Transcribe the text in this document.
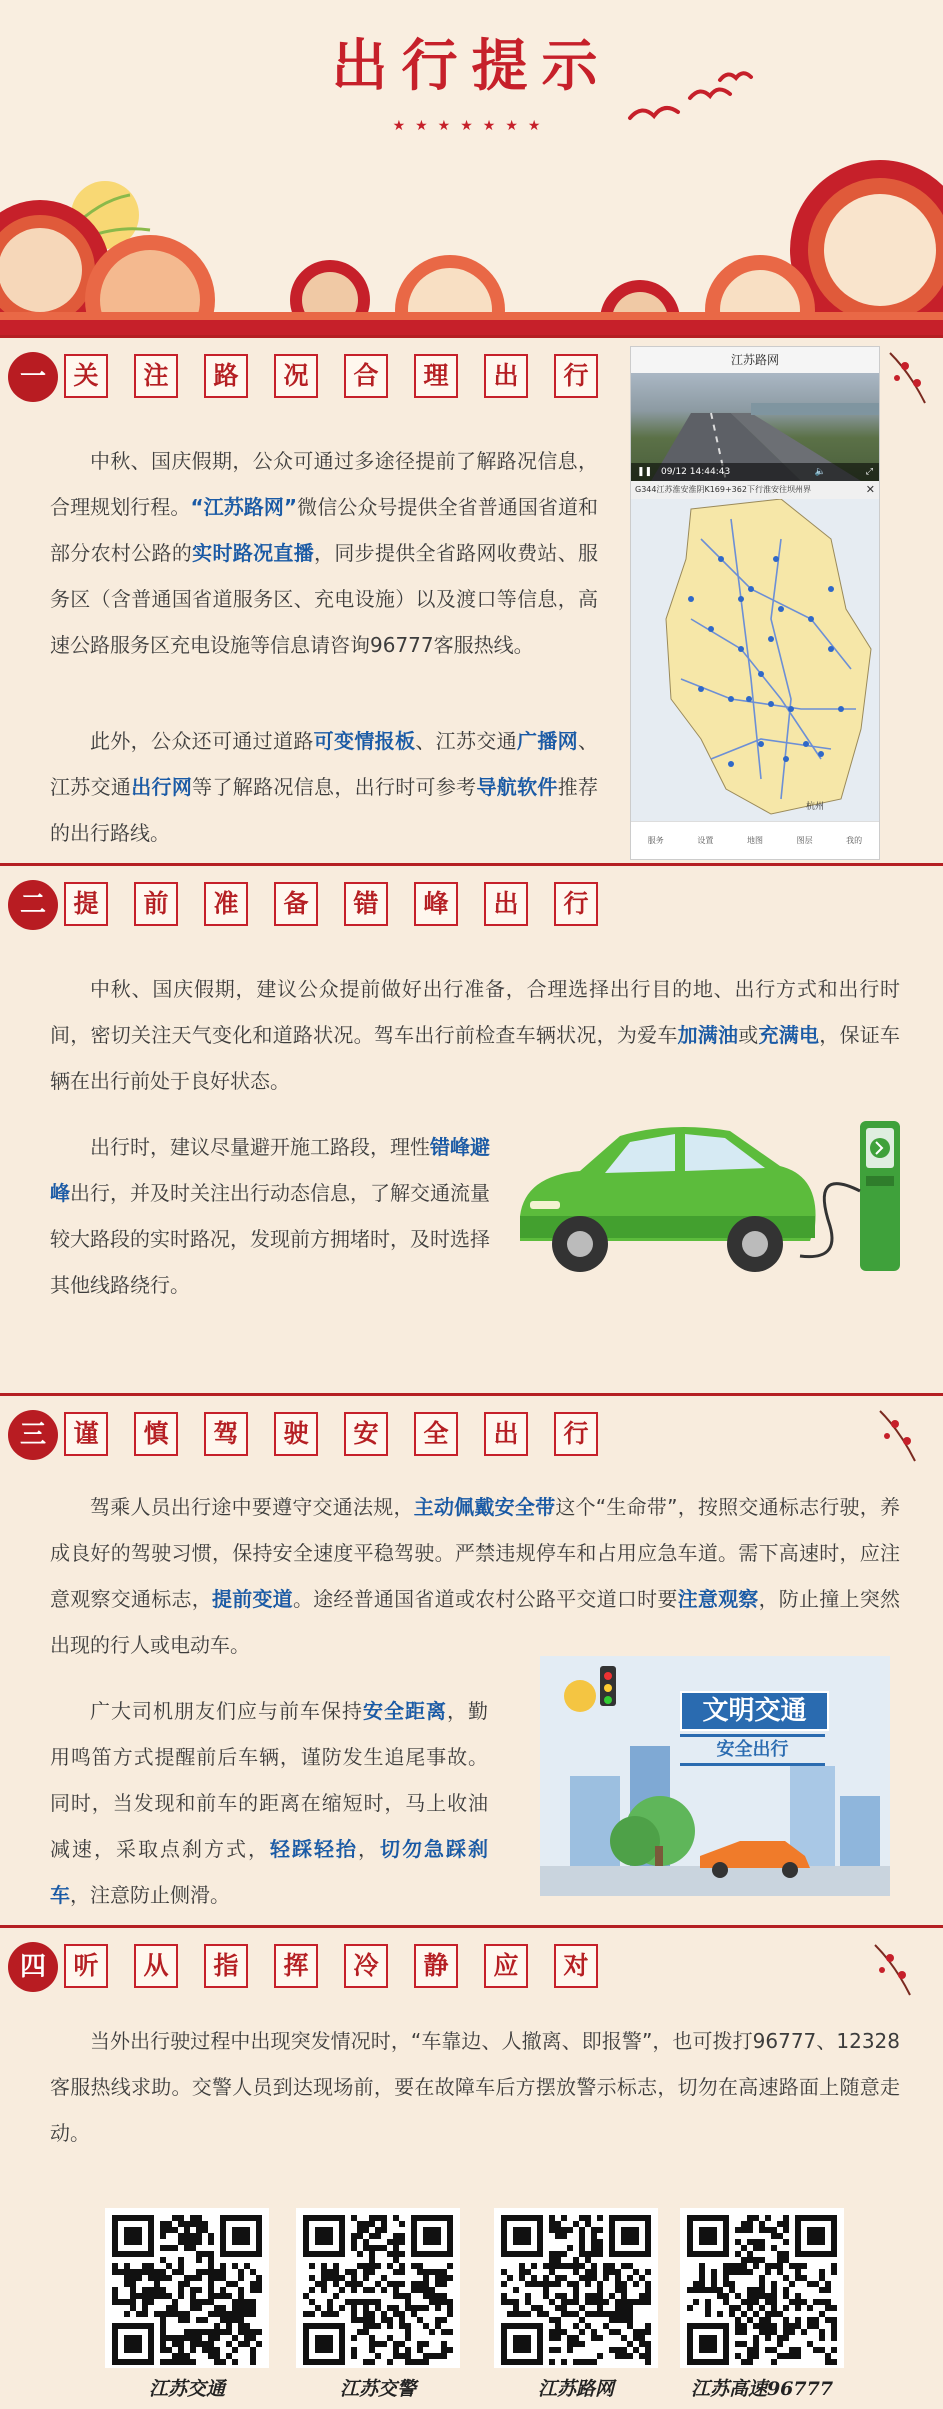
出行提示
★★★★★★★
一	关 注 路 况 合 理 出 行
中秋、国庆假期，公众可通过多途径提前了解路况信息，合理规划行程。“江苏路网”微信公众号提供全省普通国省道和部分农村公路的实时路况直播，同步提供全省路网收费站、服务区（含普通国省道服务区、充电设施）以及渡口等信息，高速公路服务区充电设施等信息请咨询96777客服热线。
此外，公众还可通过道路可变情报板、江苏交通广播网、江苏交通出行网等了解路况信息，出行时可参考导航软件推荐的出行路线。
江苏路网
❚❚ 09/12 14:44:43	⤢
🔈
G344江苏淮安淮阴K169+362下行淮安往坝州界	✕
杭州
服务	设置	地图	图层	我的
二	提 前 准 备 错 峰 出 行
中秋、国庆假期，建议公众提前做好出行准备，合理选择出行目的地、出行方式和出行时间，密切关注天气变化和道路状况。驾车出行前检查车辆状况，为爱车加满油或充满电，保证车辆在出行前处于良好状态。
出行时，建议尽量避开施工路段，理性错峰避峰出行，并及时关注出行动态信息，了解交通流量较大路段的实时路况，发现前方拥堵时，及时选择其他线路绕行。
三	谨 慎 驾 驶 安 全 出 行
驾乘人员出行途中要遵守交通法规，主动佩戴安全带这个“生命带”，按照交通标志行驶，养成良好的驾驶习惯，保持安全速度平稳驾驶。严禁违规停车和占用应急车道。需下高速时，应注意观察交通标志，提前变道。途经普通国省道或农村公路平交道口时要注意观察，防止撞上突然出现的行人或电动车。
广大司机朋友们应与前车保持安全距离，勤用鸣笛方式提醒前后车辆，谨防发生追尾事故。同时，当发现和前车的距离在缩短时，马上收油减速，采取点刹方式，轻踩轻抬，切勿急踩刹车，注意防止侧滑。
文明交通
安全出行
四	听 从 指 挥 冷 静 应 对
当外出行驶过程中出现突发情况时，“车靠边、人撤离、即报警”，也可拨打96777、12328客服热线求助。交警人员到达现场前，要在故障车后方摆放警示标志，切勿在高速路面上随意走动。
江苏交通	江苏交警	江苏路网	江苏高速96777
